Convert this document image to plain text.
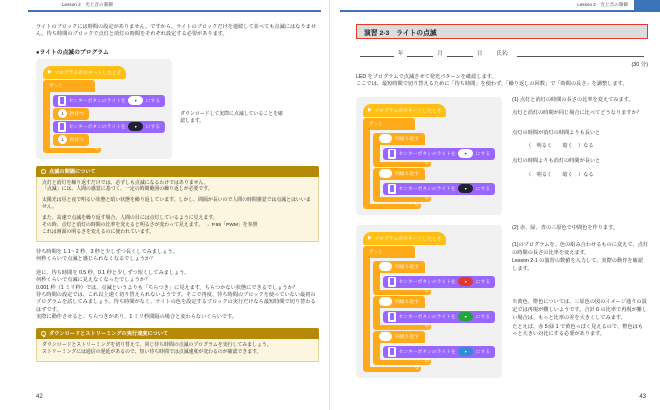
Lesson 2　光と音の制御
ライトのブロックには時間の設定がありません。ですから、ライトのブロックだけを連続して並べても点滅にはなりません。待ち時間のブロックで点灯と消灯の時間をそれぞれ設定する必要があります。
●ライトの点滅のプログラム
▶ プログラムがスタートしたとき
ずっと
センターボタンのライトを ▾ にする
1	秒待つ
センターボタンのライトを ▾ にする
1	秒待つ
↻
ダウンロードして実際に点滅していることを確認します。
点滅の間隔について
点灯と消灯を繰り返すだけでは、必ずしも点滅になるわけではありません。
「点滅」には、人間の感覚に基づく、一定の時間範囲の繰り返しが必要です。
太陽光は昼と夜で明るい状態と暗い状態を繰り返しています。しかし、間隔が長いので人間の時間感覚では点滅とはいいません。
また、高速で点滅を繰り返す場合、人間の目には点灯しているように見えます。
その時、点灯と消灯の時間の比率を変えると明るさが変わって見えます。　→ P.95「PWM」を参照
これは画面の明るさを変えるのに使われています。
待ち時間を 1.1～2 秒、3 秒と少しずつ長くしてみましょう。
何秒くらいで点滅と感じられなくなるでしょうか？
逆に、待ち時間を 0.5 秒、0.1 秒と少しずつ短くしてみましょう。
何秒くらいで点滅に見えなくなったでしょうか？
0.001 秒（1 ミリ秒）では、点滅というよりも「ちらつき」に見えます。ちらつかない状態にできるでしょうか？
待ち時間の設定では、これ以上速く切り替えられないようです。そこで再度、待ち時間のブロックを使っていない最初のプログラムを試してみましょう。待ち時間がなく、ライトの色を設定するブロックの実行だけなら最短時間で切り替わるはずです。
実際に動作させると、ちらつきがあり、1 ミリ秒間隔の場合と変わらないくらいです。
ダウンロードとストリーミングの実行速度について
ダウンロードとストリーミングを切り替えて、同じ待ち時間の点滅のプログラムを実行してみましょう。
ストリーミングには通信の遅延があるので、短い待ち時間では点滅速度が変わるのが確認できます。
42
Lesson 2　光と音の制御
演習 2-3　ライトの点滅
年	月	日	氏名:
(30 分)
LED をプログラムで点滅させて発光パターンを確認します。
ここでは、最短時間で切り替えるために「待ち時間」を使わず、「繰り返しの回数」で「時間の長さ」を調整します。
▶ プログラムがスタートしたとき
ずっと
回繰り返す
センターボタンのライトを ▾ にする
↻
回繰り返す
センターボタンのライトを ▾ にする
↻
↻
(1) 点灯と消灯の時間の長さの比率を変えてみます。
点灯と消灯の時間が同じ場合に比べてどうなりますか？
点灯の時間が消灯の時間よりも長いと
（　明るく　　暗く　）なる
点灯の時間よりも消灯の時間が長いと
（　明るく　　暗く　）なる
▶ プログラムがスタートしたとき
ずっと
回繰り返す
センターボタンのライトを ▾ にする
↻
回繰り返す
センターボタンのライトを ▾ にする
↻
回繰り返す
センターボタンのライトを ▾ にする
↻
↻
(2) 赤、緑、青の三原色で中間色を作ります。
(1)のプログラムを、色の組み合わせるものに変えて、点灯の時間の長さの比率を変えます。
Lesson 2-1 の演習の数値を入力して、実際の動作を確認します。
※黄色、橙色については、三原色の図のイメージ通りの設定では再現が難しいようです。合計 6 の比率で再現が難しい場合は、もっと比率の差を大きくしてみます。
たとえば、赤 5:緑 1 で黄色っぽく見えるので、橙色はもっと大きい対比にする必要があります。
43
